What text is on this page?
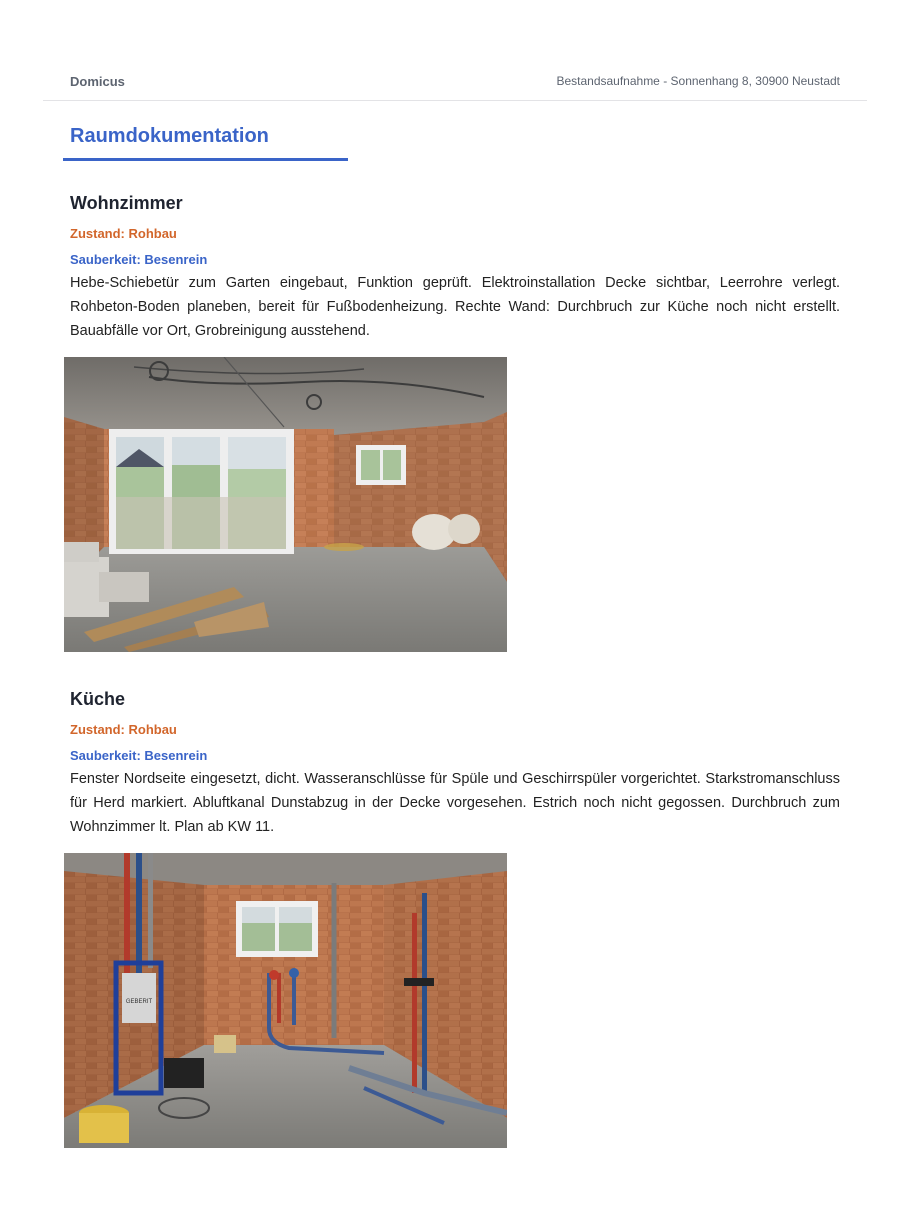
Domicus	Bestandsaufnahme - Sonnenhang 8, 30900 Neustadt
Raumdokumentation
Wohnzimmer
Zustand: Rohbau
Sauberkeit: Besenrein

Hebe-Schiebetür zum Garten eingebaut, Funktion geprüft. Elektroinstallation Decke sichtbar, Leerrohre verlegt. Rohbeton-Boden planeben, bereit für Fußbodenheizung. Rechte Wand: Durchbruch zur Küche noch nicht erstellt. Bauabfälle vor Ort, Grobreinigung ausstehend.

Küche
Zustand: Rohbau
Sauberkeit: Besenrein

Fenster Nordseite eingesetzt, dicht. Wasseranschlüsse für Spüle und Geschirrspüler vorgerichtet. Starkstromanschluss für Herd markiert. Abluftkanal Dunstabzug in der Decke vorgesehen. Estrich noch nicht gegossen. Durchbruch zum Wohnzimmer lt. Plan ab KW 11.

GEBERIT
